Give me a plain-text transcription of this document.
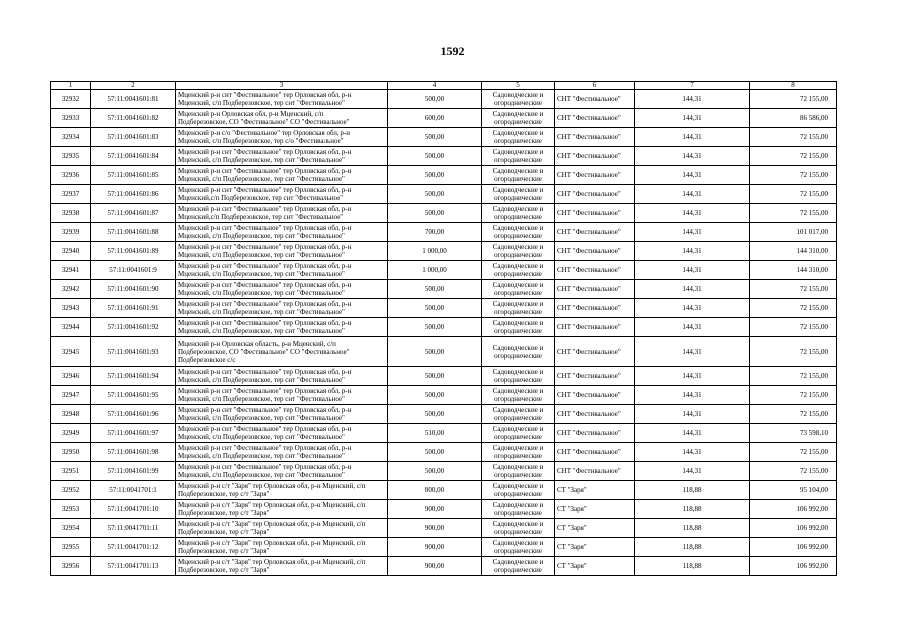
1592
1	2	3	4	5	6	7	8
32932	57:11:0041601:81	Мценский р-н снт "Фестивальное" тер Орловская обл, р-н
Мценский, с/п Подберезовское, тер снт "Фестивальное"	500,00	Садоводческие и
огороднические	СНТ "Фестивальное"	144,31	72 155,00
32933	57:11:0041601:82	Мценский р-н Орловская обл, р-н Мценский, с/п
Подберезовское, СО "Фестивальное" СО "Фестивальное"	600,00	Садоводческие и
огороднические	СНТ "Фестивальное"	144,31	86 586,00
32934	57:11:0041601:83	Мценский р-н с/о "Фестивальное" тер Орловская обл, р-н
Мценский, с/п Подберезовское, тер с/о "Фестивальное"	500,00	Садоводческие и
огороднические	СНТ "Фестивальное"	144,31	72 155,00
32935	57:11:0041601:84	Мценский р-н снт "Фестивальное" тер Орловская обл, р-н
Мценский, с/п Подберезовское, тер снт "Фестивальное"	500,00	Садоводческие и
огороднические	СНТ "Фестивальное"	144,31	72 155,00
32936	57:11:0041601:85	Мценский р-н снт "Фестивальное" тер Орловская обл, р-н
Мценский, с/п Подберезовское, тер снт "Фестивальное"	500,00	Садоводческие и
огороднические	СНТ "Фестивальное"	144,31	72 155,00
32937	57:11:0041601:86	Мценский р-н снт "Фестивальное" тер Орловская обл, р-н
Мценский,с/п Подберезовское, тер снт "Фестивальное"	500,00	Садоводческие и
огороднические	СНТ "Фестивальное"	144,31	72 155,00
32938	57:11:0041601:87	Мценский р-н снт "Фестивальное" тер Орловская обл, р-н
Мценский,с/п Подберезовское, тер снт "Фестивальное"	500,00	Садоводческие и
огороднические	СНТ "Фестивальное"	144,31	72 155,00
32939	57:11:0041601:88	Мценский р-н снт "Фестивальное" тер Орловская обл, р-н
Мценский, с/п Подберезовское, тер снт "Фестивальное"	700,00	Садоводческие и
огороднические	СНТ "Фестивальное"	144,31	101 017,00
32940	57:11:0041601:89	Мценский р-н снт "Фестивальное" тер Орловская обл, р-н
Мценский, с/п Подберезовское, тер снт "Фестивальное"	1 000,00	Садоводческие и
огороднические	СНТ "Фестивальное"	144,31	144 310,00
32941	57:11:0041601:9	Мценский р-н снт "Фестивальное" тер Орловская обл, р-н
Мценский, с/п Подберезовское, тер снт "Фестивальное"	1 000,00	Садоводческие и
огороднические	СНТ "Фестивальное"	144,31	144 310,00
32942	57:11:0041601:90	Мценский р-н снт "Фестивальное" тер Орловская обл, р-н
Мценский, с/п Подберезовское, тер снт "Фестивальное"	500,00	Садоводческие и
огороднические	СНТ "Фестивальное"	144,31	72 155,00
32943	57:11:0041601:91	Мценский р-н снт "Фестивальное" тер Орловская обл, р-н
Мценский, с/п Подберезовское, тер снт "Фестивальное"	500,00	Садоводческие и
огороднические	СНТ "Фестивальное"	144,31	72 155,00
32944	57:11:0041601:92	Мценский р-н снт "Фестивальное" тер Орловская обл, р-н
Мценский, с/п Подберезовское, тер снт "Фестивальное"	500,00	Садоводческие и
огороднические	СНТ "Фестивальное"	144,31	72 155,00
32945	57:11:0041601:93	Мценский р-н Орловская область, р-н Мценский, с/п
Подберезовское, СО "Фестивальное" СО "Фестивальное"
Подберезовское с/с	500,00	Садоводческие и
огороднические	СНТ "Фестивальное"	144,31	72 155,00
32946	57:11:0041601:94	Мценский р-н снт "Фестивальное" тер Орловская обл, р-н
Мценский, с/п Подберезовское, тер снт "Фестивальное"	500,00	Садоводческие и
огороднические	СНТ "Фестивальное"	144,31	72 155,00
32947	57:11:0041601:95	Мценский р-н снт "Фестивальное" тер Орловская обл, р-н
Мценский, с/п Подберезовское, тер снт "Фестивальное"	500,00	Садоводческие и
огороднические	СНТ "Фестивальное"	144,31	72 155,00
32948	57:11:0041601:96	Мценский р-н снт "Фестивальное" тер Орловская обл, р-н
Мценский, с/п Подберезовское, тер снт "Фестивальное"	500,00	Садоводческие и
огороднические	СНТ "Фестивальное"	144,31	72 155,00
32949	57:11:0041601:97	Мценский р-н снт "Фестивальное" тер Орловская обл, р-н
Мценский, с/п Подберезовское, тер снт "Фестивальное"	510,00	Садоводческие и
огороднические	СНТ "Фестивальное"	144,31	73 598,10
32950	57:11:0041601:98	Мценский р-н снт "Фестивальное" тер Орловская обл, р-н
Мценский, с/п Подберезовское, тер снт "Фестивальное"	500,00	Садоводческие и
огороднические	СНТ "Фестивальное"	144,31	72 155,00
32951	57:11:0041601:99	Мценский р-н снт "Фестивальное" тер Орловская обл, р-н
Мценский, с/п Подберезовское, тер снт "Фестивальное"	500,00	Садоводческие и
огороднические	СНТ "Фестивальное"	144,31	72 155,00
32952	57:11:0041701:1	Мценский р-н с/т "Заря" тер Орловская обл, р-н Мценский, с/п
Подберезовское, тер с/т "Заря"	800,00	Садоводческие и
огороднические	СТ "Заря"	118,88	95 104,00
32953	57:11:0041701:10	Мценский р-н с/т "Заря" тер Орловская обл, р-н Мценский, с/п
Подберезовское, тер с/т "Заря"	900,00	Садоводческие и
огороднические	СТ "Заря"	118,88	106 992,00
32954	57:11:0041701:11	Мценский р-н с/т "Заря" тер Орловская обл, р-н Мценский, с/п
Подберезовское, тер с/т "Заря"	900,00	Садоводческие и
огороднические	СТ "Заря"	118,88	106 992,00
32955	57:11:0041701:12	Мценский р-н с/т "Заря" тер Орловская обл, р-н Мценский, с/п
Подберезовское, тер с/т "Заря"	900,00	Садоводческие и
огороднические	СТ "Заря"	118,88	106 992,00
32956	57:11:0041701:13	Мценский р-н с/т "Заря" тер Орловская обл, р-н Мценский, с/п
Подберезовское, тер с/т "Заря"	900,00	Садоводческие и
огороднические	СТ "Заря"	118,88	106 992,00
